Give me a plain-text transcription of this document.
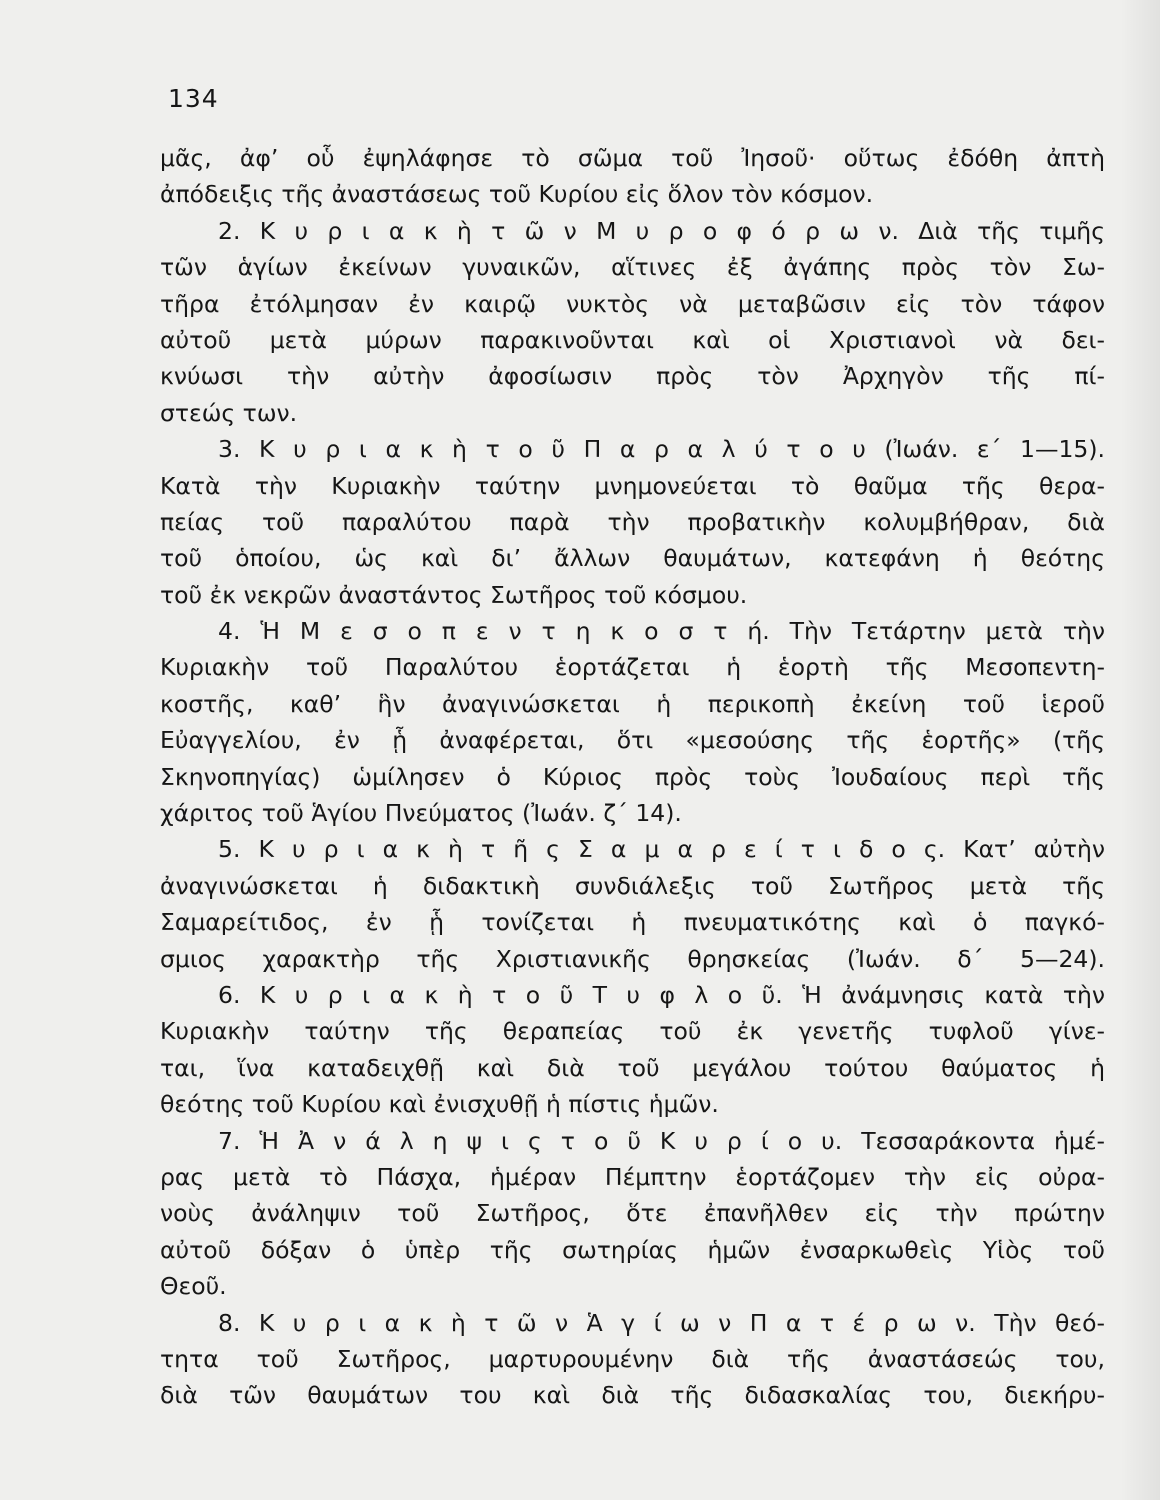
134
μᾶς, ἀφ’ οὗ ἐψηλάφησε τὸ σῶμα τοῦ Ἰησοῦ· οὕτως ἐδόθη ἀπτὴ
ἀπόδειξις τῆς ἀναστάσεως τοῦ Κυρίου εἰς ὅλον τὸν κόσμον.
2. Κ υ ρ ι α κ ὴ τ ῶ ν Μ υ ρ ο φ ό ρ ω ν. Διὰ τῆς τιμῆς
τῶν ἁγίων ἐκείνων γυναικῶν, αἵτινες ἐξ ἀγάπης πρὸς τὸν Σω-
τῆρα ἐτόλμησαν ἐν καιρῷ νυκτὸς νὰ μεταβῶσιν εἰς τὸν τάφον
αὐτοῦ μετὰ μύρων παρακινοῦνται καὶ οἱ Χριστιανοὶ νὰ δει-
κνύωσι τὴν αὐτὴν ἀφοσίωσιν πρὸς τὸν Ἀρχηγὸν τῆς πί-
στεώς των.
3. Κ υ ρ ι α κ ὴ τ ο ῦ Π α ρ α λ ύ τ ο υ (Ἰωάν. ε΄ 1—15).
Κατὰ τὴν Κυριακὴν ταύτην μνημονεύεται τὸ θαῦμα τῆς θερα-
πείας τοῦ παραλύτου παρὰ τὴν προβατικὴν κολυμβήθραν, διὰ
τοῦ ὁποίου, ὡς καὶ δι’ ἄλλων θαυμάτων, κατεφάνη ἡ θεότης
τοῦ ἐκ νεκρῶν ἀναστάντος Σωτῆρος τοῦ κόσμου.
4. Ἡ Μ ε σ ο π ε ν τ η κ ο σ τ ή. Τὴν Τετάρτην μετὰ τὴν
Κυριακὴν τοῦ Παραλύτου ἑορτάζεται ἡ ἑορτὴ τῆς Μεσοπεντη-
κοστῆς, καθ’ ἣν ἀναγινώσκεται ἡ περικοπὴ ἐκείνη τοῦ ἱεροῦ
Εὐαγγελίου, ἐν ᾗ ἀναφέρεται, ὅτι «μεσούσης τῆς ἑορτῆς» (τῆς
Σκηνοπηγίας) ὡμίλησεν ὁ Κύριος πρὸς τοὺς Ἰουδαίους περὶ τῆς
χάριτος τοῦ Ἁγίου Πνεύματος (Ἰωάν. ζ΄ 14).
5. Κ υ ρ ι α κ ὴ τ ῆ ς Σ α μ α ρ ε ί τ ι δ ο ς. Κατ’ αὐτὴν
ἀναγινώσκεται ἡ διδακτικὴ συνδιάλεξις τοῦ Σωτῆρος μετὰ τῆς
Σαμαρείτιδος, ἐν ᾗ τονίζεται ἡ πνευματικότης καὶ ὁ παγκό-
σμιος χαρακτὴρ τῆς Χριστιανικῆς θρησκείας (Ἰωάν. δ΄ 5—24).
6. Κ υ ρ ι α κ ὴ τ ο ῦ Τ υ φ λ ο ῦ. Ἡ ἀνάμνησις κατὰ τὴν
Κυριακὴν ταύτην τῆς θεραπείας τοῦ ἐκ γενετῆς τυφλοῦ γίνε-
ται, ἵνα καταδειχθῇ καὶ διὰ τοῦ μεγάλου τούτου θαύματος ἡ
θεότης τοῦ Κυρίου καὶ ἐνισχυθῇ ἡ πίστις ἡμῶν.
7. Ἡ Ἀ ν ά λ η ψ ι ς τ ο ῦ Κ υ ρ ί ο υ. Τεσσαράκοντα ἡμέ-
ρας μετὰ τὸ Πάσχα, ἡμέραν Πέμπτην ἑορτάζομεν τὴν εἰς οὐρα-
νοὺς ἀνάληψιν τοῦ Σωτῆρος, ὅτε ἐπανῆλθεν εἰς τὴν πρώτην
αὐτοῦ δόξαν ὁ ὑπὲρ τῆς σωτηρίας ἡμῶν ἐνσαρκωθεὶς Υἱὸς τοῦ
Θεοῦ.
8. Κ υ ρ ι α κ ὴ τ ῶ ν Ἁ γ ί ω ν Π α τ έ ρ ω ν. Τὴν θεό-
τητα τοῦ Σωτῆρος, μαρτυρουμένην διὰ τῆς ἀναστάσεώς του,
διὰ τῶν θαυμάτων του καὶ διὰ τῆς διδασκαλίας του, διεκήρυ-
